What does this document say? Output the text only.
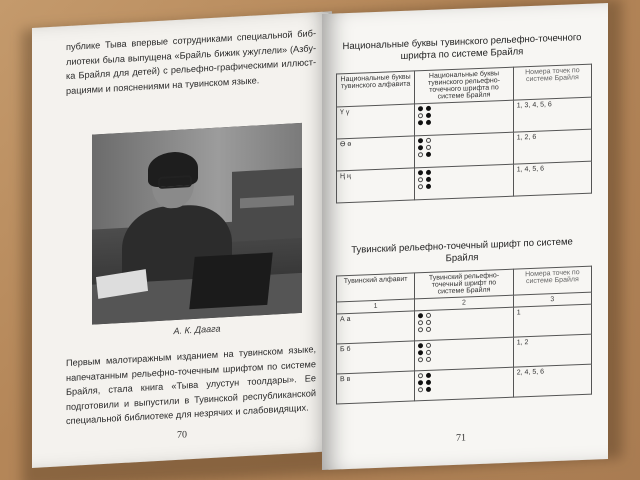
публике Тыва впервые сотрудниками специальной библиотеки была выпущена «Брайль бижик ужуглели» (Азбука Брайля для детей) с рельефно-графическими иллюстрациями и пояснениями на тувинском языке.
А. К. Даага
Первым малотиражным изданием на тувинском языке, напечатанным рельефно-точечным шрифтом по системе Брайля, стала книга «Тыва улустун тоолдары». Ее подготовили и выпустили в Тувинской республиканской специальной библиотеке для незрячих и слабовидящих.
70
Национальные буквы тувинского рельефно-точечного шрифта по системе Брайля
Национальные буквы тувинского алфавита	Национальные буквы тувинского рельефно-точечного шрифта по системе Брайля	Номера точек по системе Брайля
Ү ү		1, 3, 4, 5, 6
Ө ө		1, 2, 6
Ң ң		1, 4, 5, 6
Тувинский рельефно-точечный шрифт по системе Брайля
Тувинский алфавит	Тувинский рельефно-точечный шрифт по системе Брайля	Номера точек по системе Брайля
1	2	3
А а		1
Б б		1, 2
В в		2, 4, 5, 6
71
